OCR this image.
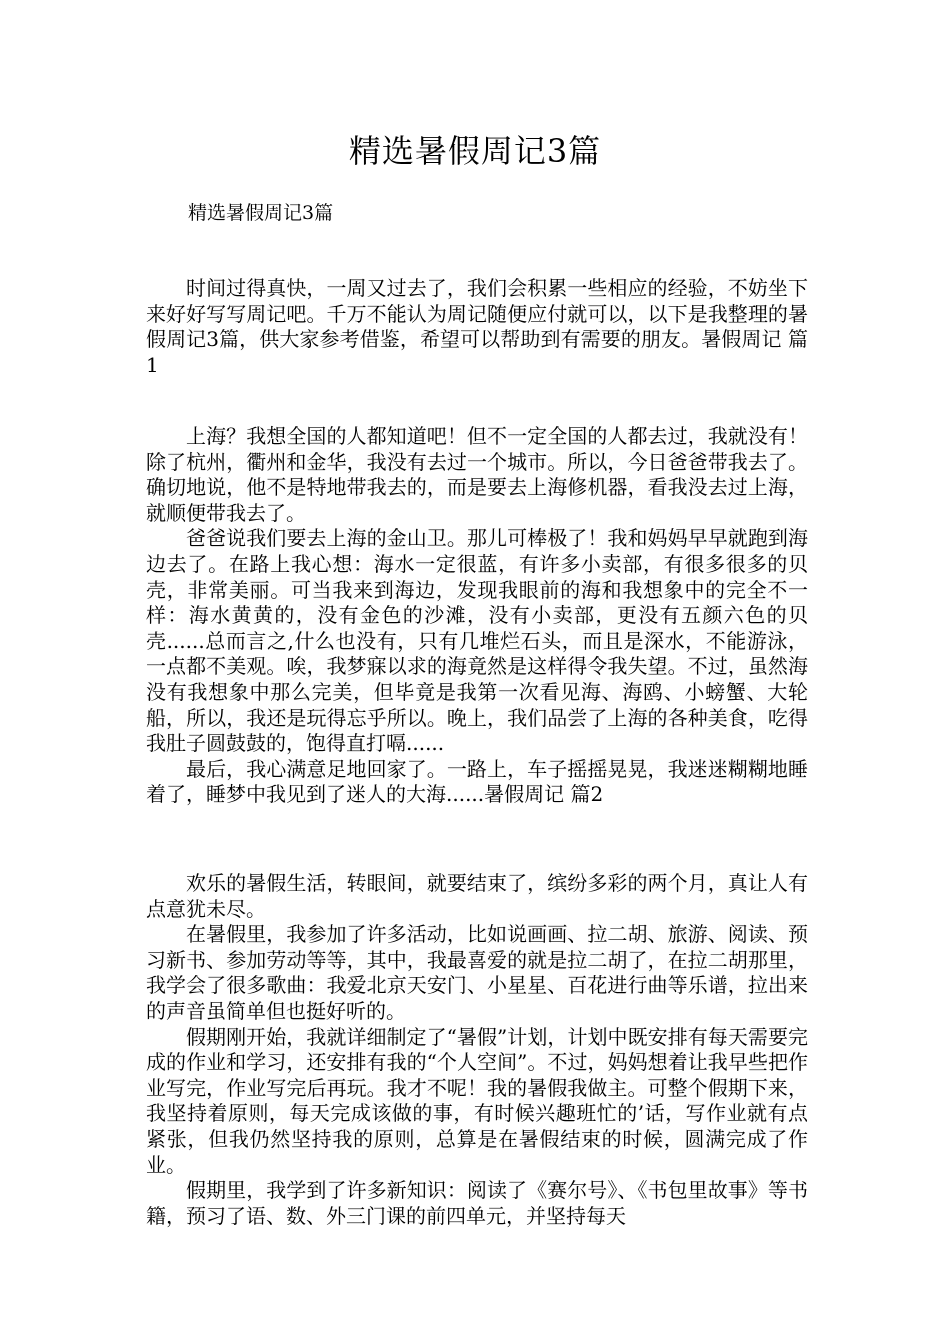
精选暑假周记3篇
精选暑假周记3篇

时间过得真快，一周又过去了，我们会积累一些相应的经验，不妨坐下来好好写写周记吧。千万不能认为周记随便应付就可以，以下是我整理的暑假周记3篇，供大家参考借鉴，希望可以帮助到有需要的朋友。暑假周记 篇1

上海？我想全国的人都知道吧！但不一定全国的人都去过，我就没有！除了杭州，衢州和金华，我没有去过一个城市。所以，今日爸爸带我去了。确切地说，他不是特地带我去的，而是要去上海修机器，看我没去过上海，就顺便带我去了。

爸爸说我们要去上海的金山卫。那儿可棒极了！我和妈妈早早就跑到海边去了。在路上我心想：海水一定很蓝，有许多小卖部，有很多很多的贝壳，非常美丽。可当我来到海边，发现我眼前的海和我想象中的完全不一样：海水黄黄的，没有金色的沙滩，没有小卖部，更没有五颜六色的贝壳......总而言之,什么也没有，只有几堆烂石头，而且是深水，不能游泳，一点都不美观。唉，我梦寐以求的海竟然是这样得令我失望。不过，虽然海没有我想象中那么完美，但毕竟是我第一次看见海、海鸥、小螃蟹、大轮船，所以，我还是玩得忘乎所以。晚上，我们品尝了上海的各种美食，吃得我肚子圆鼓鼓的，饱得直打嗝......

最后，我心满意足地回家了。一路上，车子摇摇晃晃，我迷迷糊糊地睡着了，睡梦中我见到了迷人的大海......暑假周记 篇2

欢乐的暑假生活，转眼间，就要结束了，缤纷多彩的两个月，真让人有点意犹未尽。

在暑假里，我参加了许多活动，比如说画画、拉二胡、旅游、阅读、预习新书、参加劳动等等，其中，我最喜爱的就是拉二胡了，在拉二胡那里，我学会了很多歌曲：我爱北京天安门、小星星、百花进行曲等乐谱，拉出来的声音虽简单但也挺好听的。

假期刚开始，我就详细制定了“暑假”计划，计划中既安排有每天需要完成的作业和学习，还安排有我的“个人空间”。不过，妈妈想着让我早些把作业写完，作业写完后再玩。我才不呢！我的暑假我做主。可整个假期下来，我坚持着原则，每天完成该做的事，有时候兴趣班忙的’话，写作业就有点紧张，但我仍然坚持我的原则，总算是在暑假结束的时候，圆满完成了作业。

假期里，我学到了许多新知识：阅读了《赛尔号》、《书包里故事》等书籍，预习了语、数、外三门课的前四单元，并坚持每天
